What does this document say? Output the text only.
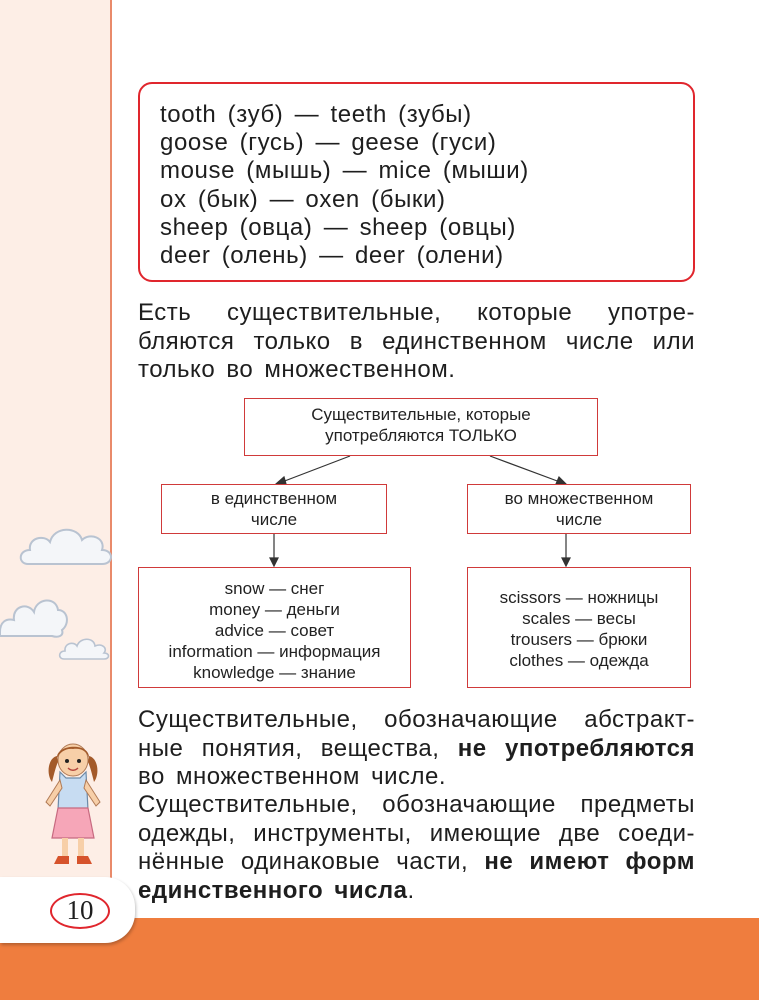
tooth (зуб) — teeth (зубы)
goose (гусь) — geese (гуси)
mouse (мышь) — mice (мыши)
ox (бык) — oxen (быки)
sheep (овца) — sheep (овцы)
deer (олень) — deer (олени)
Есть существительные, которые употре-
бляются только в единственном числе или
только во множественном.
Существительные, которые
употребляются ТОЛЬКО
в единственном
числе
во множественном
числе
snow — снег
money — деньги
advice — совет
information — информация
knowledge — знание
scissors — ножницы
scales — весы
trousers — брюки
clothes — одежда
Существительные, обозначающие абстракт-
ные понятия, вещества, не употребляются
во множественном числе.
Существительные, обозначающие предметы
одежды, инструменты, имеющие две соеди-
нённые одинаковые части, не имеют форм
единственного числа.
10
